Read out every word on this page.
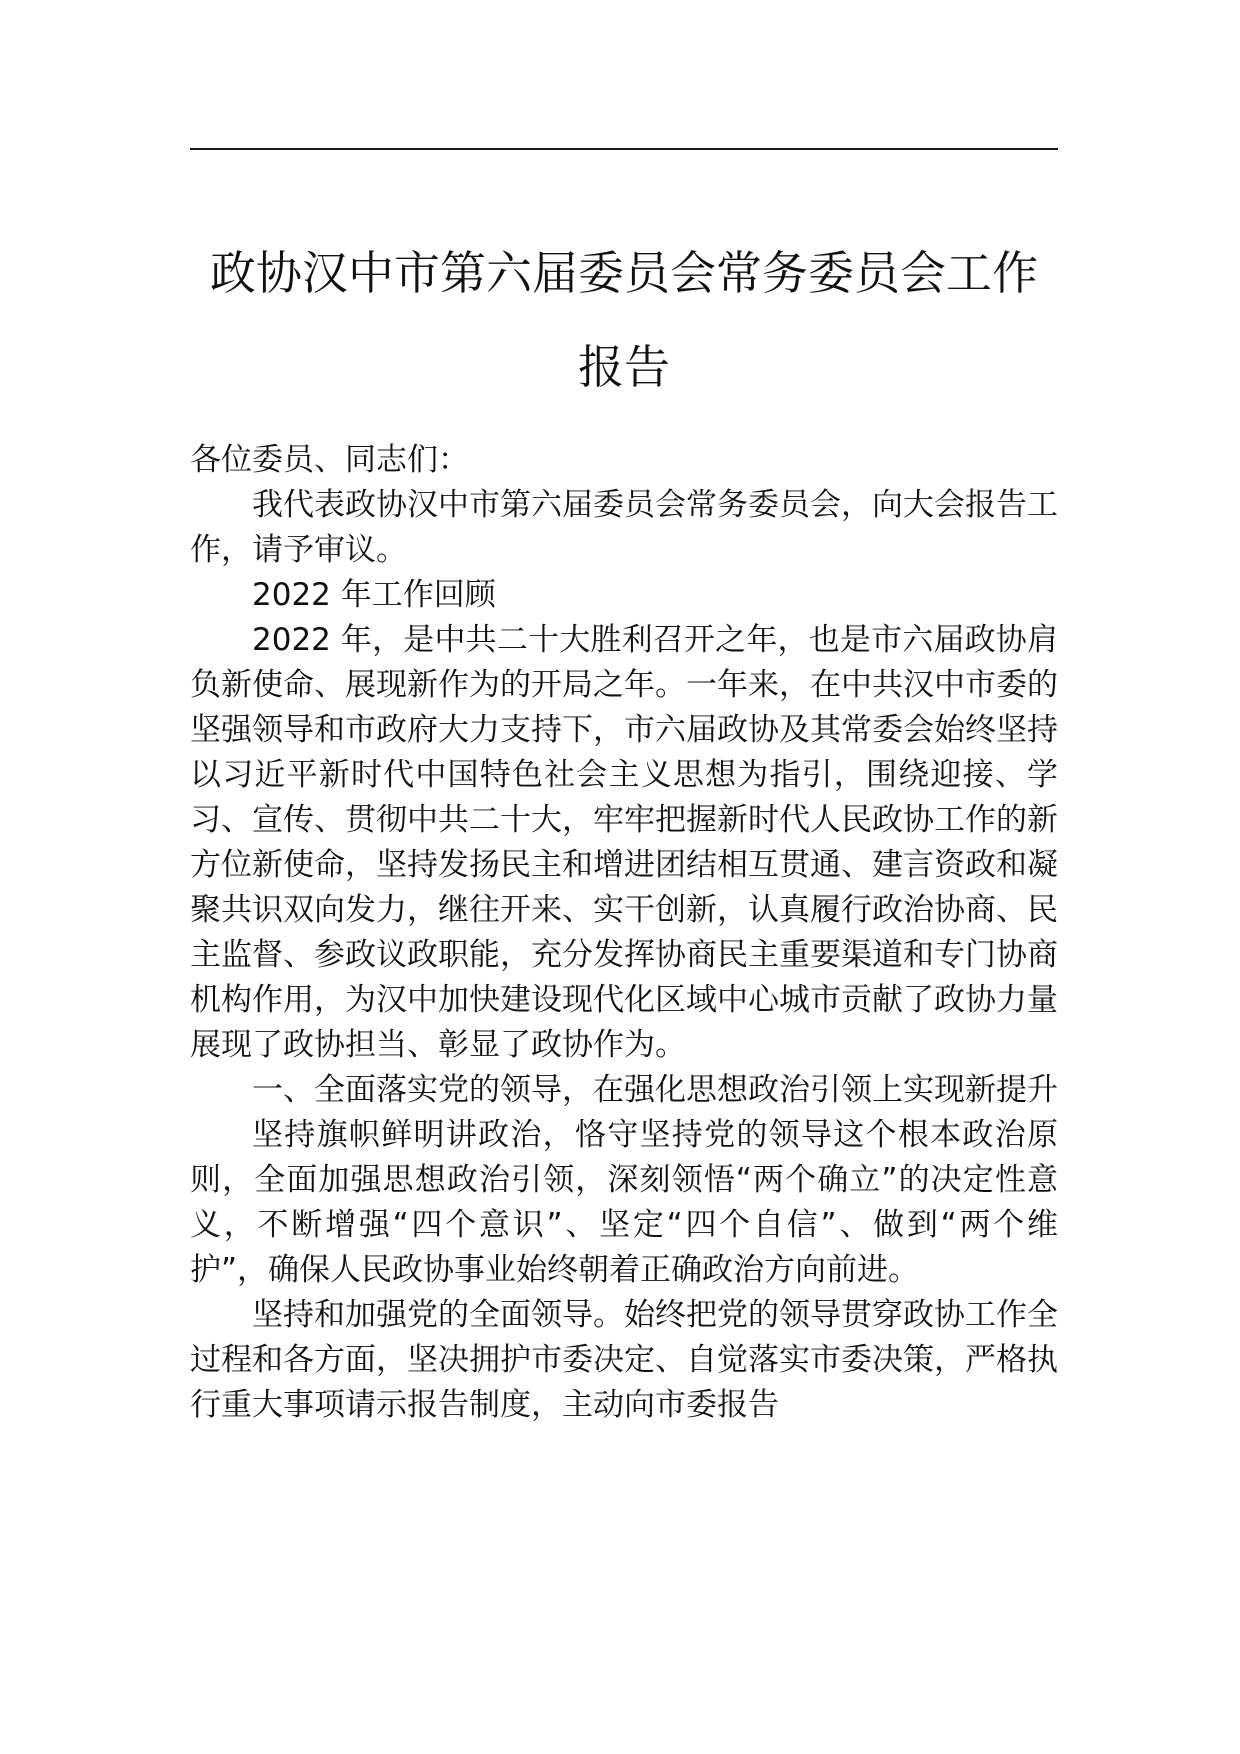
政协汉中市第六届委员会常务委员会工作
报告

各位委员、同志们：

我代表政协汉中市第六届委员会常务委员会，向大会报告工作，请予审议。

2022 年工作回顾

2022 年，是中共二十大胜利召开之年，也是市六届政协肩负新使命、展现新作为的开局之年。一年来，在中共汉中市委的坚强领导和市政府大力支持下，市六届政协及其常委会始终坚持以习近平新时代中国特色社会主义思想为指引，围绕迎接、学习、宣传、贯彻中共二十大，牢牢把握新时代人民政协工作的新方位新使命，坚持发扬民主和增进团结相互贯通、建言资政和凝聚共识双向发力，继往开来、实干创新，认真履行政治协商、民主监督、参政议政职能，充分发挥协商民主重要渠道和专门协商机构作用，为汉中加快建设现代化区域中心城市贡献了政协力量展现了政协担当、彰显了政协作为。

一、全面落实党的领导，在强化思想政治引领上实现新提升

坚持旗帜鲜明讲政治，恪守坚持党的领导这个根本政治原则，全面加强思想政治引领，深刻领悟“两个确立”的决定性意义，不断增强“四个意识”、坚定“四个自信”、做到“两个维护”，确保人民政协事业始终朝着正确政治方向前进。

坚持和加强党的全面领导。始终把党的领导贯穿政协工作全过程和各方面，坚决拥护市委决定、自觉落实市委决策，严格执行重大事项请示报告制度，主动向市委报告
